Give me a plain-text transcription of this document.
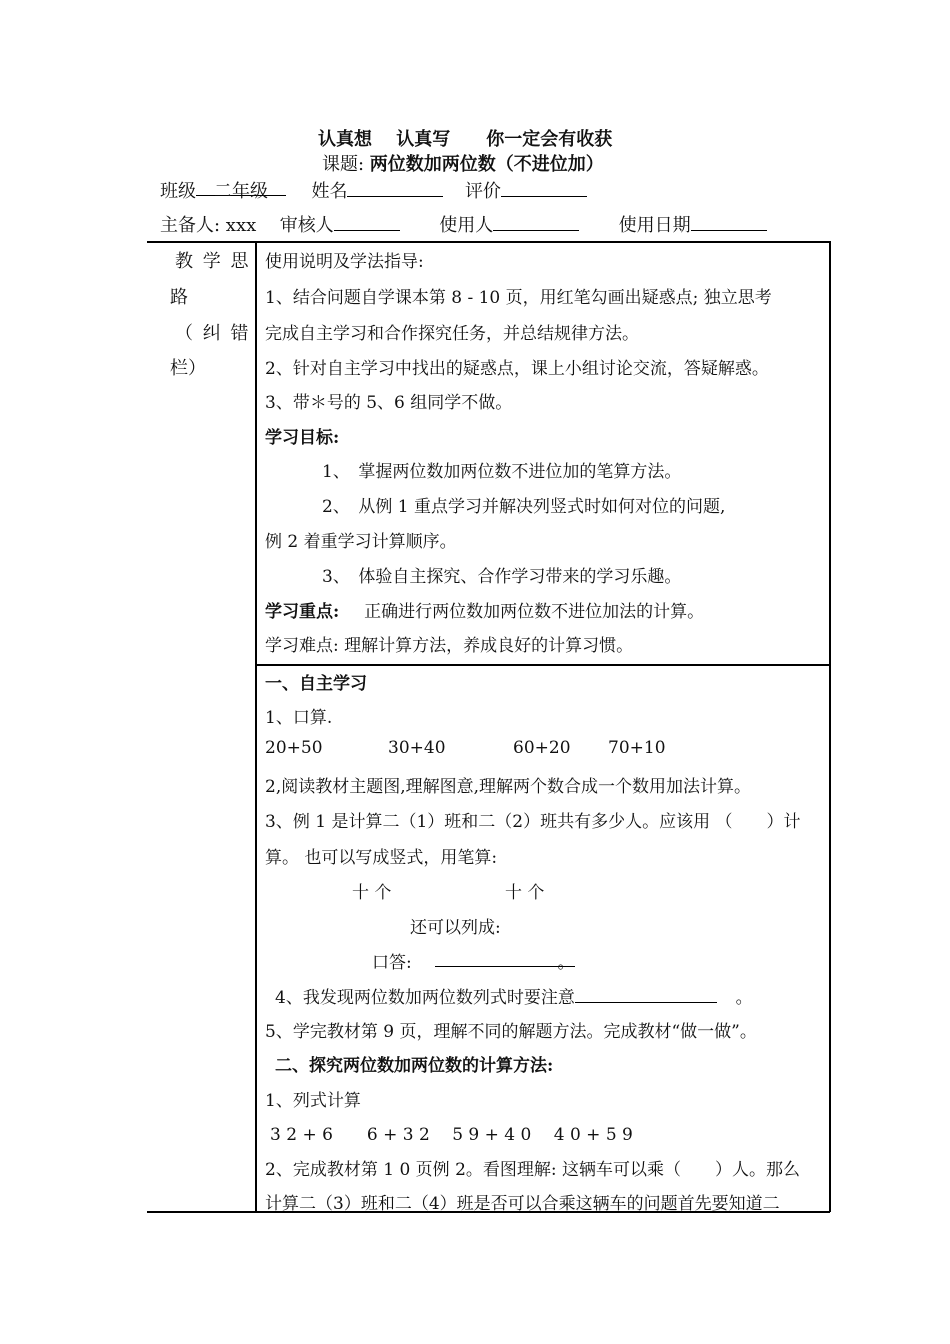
认真想　 认真写　　你一定会有收获
课题: 两位数加两位数（不进位加）
班级 二年级 姓名	评价
主备人: xxx 审核人	使用人	使用日期
教 学 思
路
（ 纠 错
栏）
使用说明及学法指导:
1、结合问题自学课本第 8 - 10 页，用红笔勾画出疑惑点; 独立思考
完成自主学习和合作探究任务，并总结规律方法。
2、针对自主学习中找出的疑惑点，课上小组讨论交流，答疑解惑。
3、带＊号的 5、6 组同学不做。
学习目标:
1、　掌握两位数加两位数不进位加的笔算方法。
2、　从例 1 重点学习并解决列竖式时如何对位的问题,
例 2 着重学习计算顺序。
3、　体验自主探究、合作学习带来的学习乐趣。
学习重点: 正确进行两位数加两位数不进位加法的计算。
学习难点: 理解计算方法，养成良好的计算习惯。
一、自主学习
1、口算.
20+50	30+40	60+20 70+10
2,阅读教材主题图,理解图意,理解两个数合成一个数用加法计算。
3、例 1 是计算二（1）班和二（2）班共有多少人。应该用 （　　）计
算。 也可以写成竖式，用笔算:
十 个	十 个
还可以列成:
口答:	。
4、我发现两位数加两位数列式时要注意	。
5、学完教材第 9 页，理解不同的解题方法。完成教材“做一做”。
二、探究两位数加两位数的计算方法:
1、列式计算
3 2 + 6　　6 + 3 2　 5 9 + 4 0　 4 0 + 5 9
2、完成教材第 1 0 页例 2。看图理解: 这辆车可以乘（　　）人。那么
计算二（3）班和二（4）班是否可以合乘这辆车的问题首先要知道二
